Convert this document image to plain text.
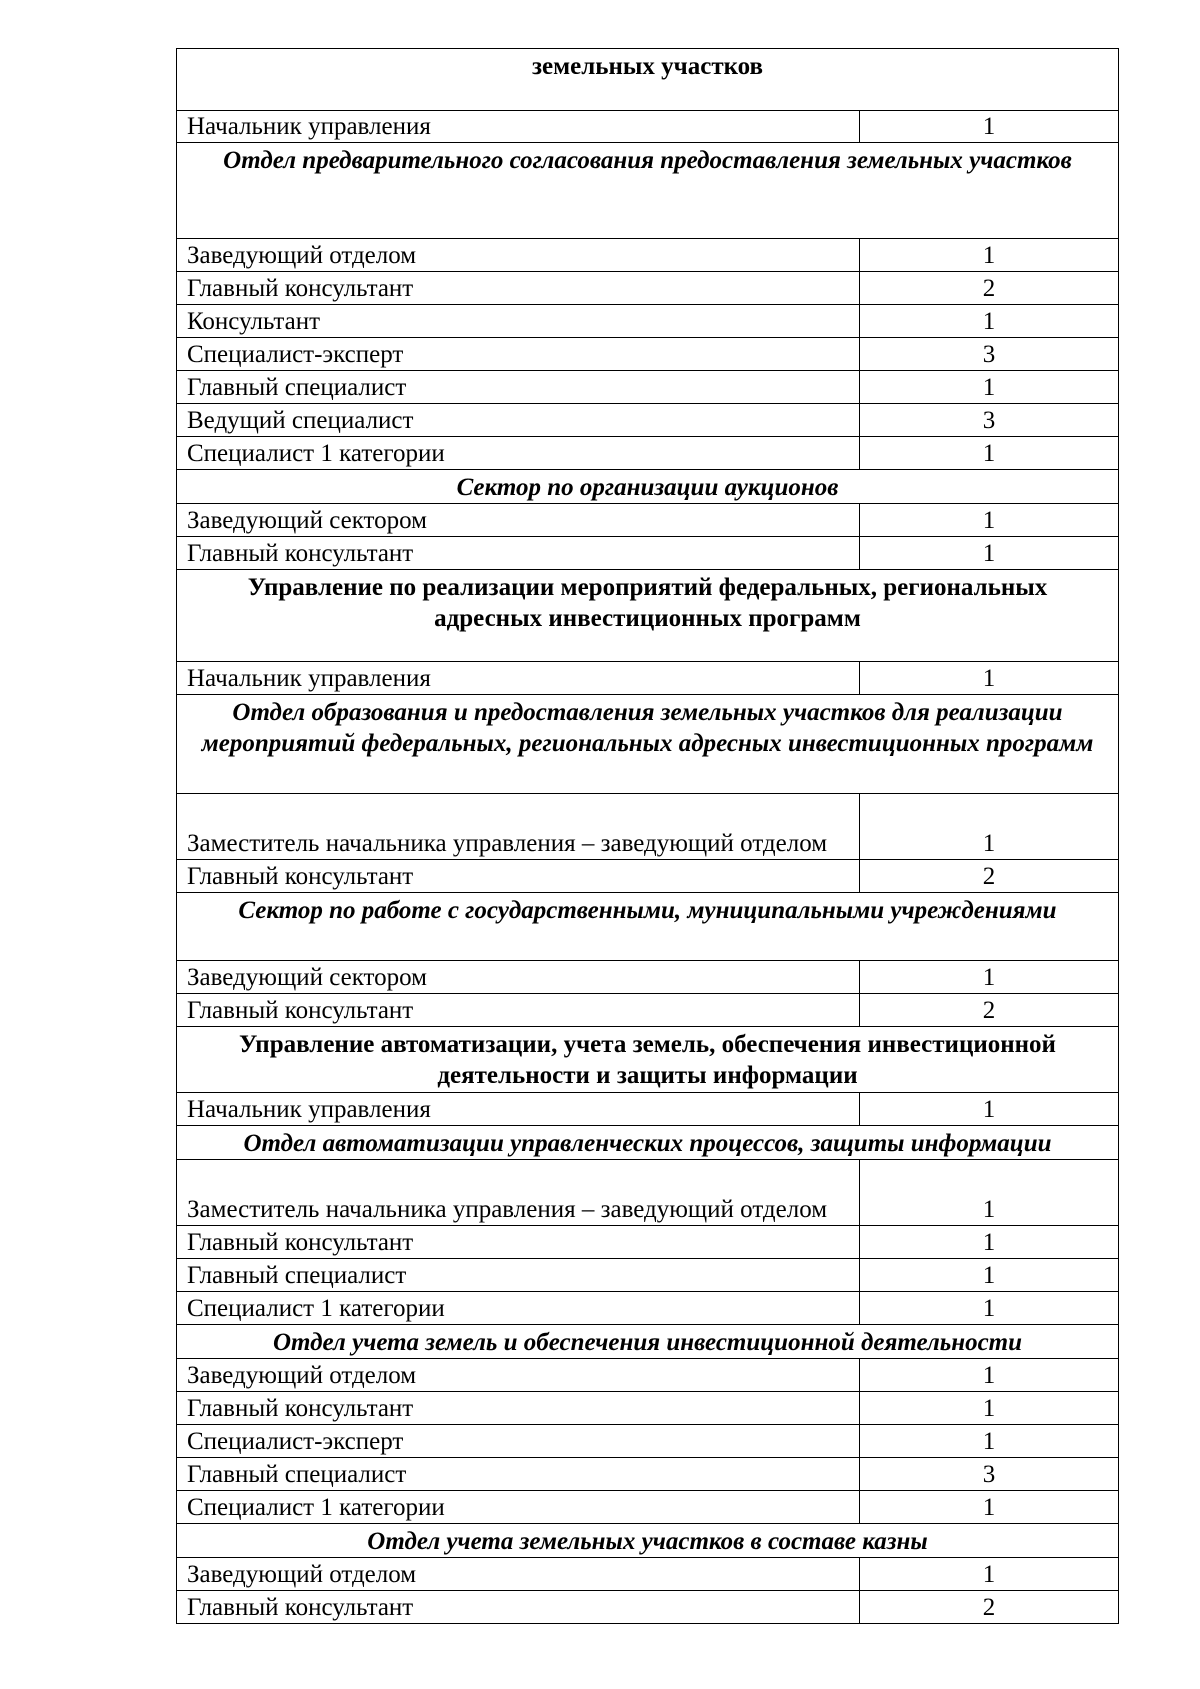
земельных участков	

Начальник управления	1

Отдел предварительного согласования предоставления земельных участков	

Заведующий отделом	1
Главный консультант	2
Консультант	1
Специалист-эксперт	3
Главный специалист	1
Ведущий специалист	3
Специалист 1 категории	1

Сектор по организации аукционов	

Заведующий сектором	1
Главный консультант	1

Управление по реализации мероприятий федеральных, региональных адресных инвестиционных программ	

Начальник управления	1

Отдел образования и предоставления земельных участков для реализации мероприятий федеральных, региональных адресных инвестиционных программ	

Заместитель начальника управления – заведующий отделом	1
Главный консультант	2

Сектор по работе с государственными, муниципальными учреждениями	

Заведующий сектором	1
Главный консультант	2

Управление автоматизации, учета земель, обеспечения инвестиционной деятельности и защиты информации	

Начальник управления	1

Отдел автоматизации управленческих процессов, защиты информации	

Заместитель начальника управления – заведующий отделом	1
Главный консультант	1
Главный специалист	1
Специалист 1 категории	1

Отдел учета земель и обеспечения инвестиционной деятельности	

Заведующий отделом	1
Главный консультант	1
Специалист-эксперт	1
Главный специалист	3
Специалист 1 категории	1

Отдел учета земельных участков в составе казны	

Заведующий отделом	1
Главный консультант	2
